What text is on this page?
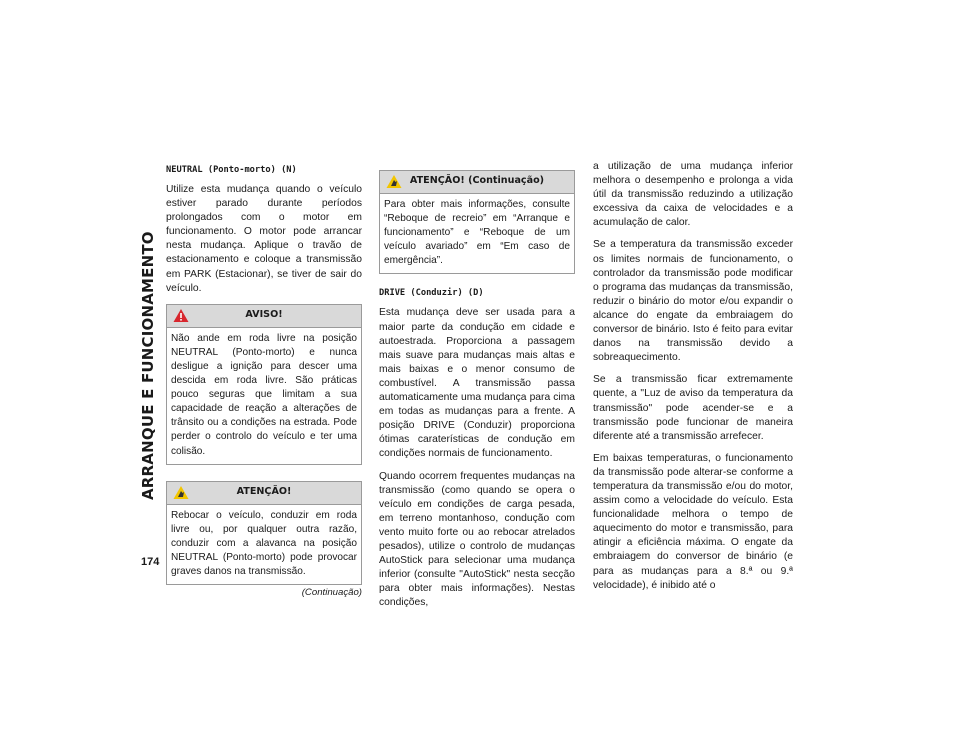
ARRANQUE E FUNCIONAMENTO
174
NEUTRAL (Ponto-morto) (N)

Utilize esta mudança quando o veículo estiver parado durante períodos prolongados com o motor em funcionamento. O motor pode arrancar nesta mudança. Aplique o travão de estacionamento e coloque a transmissão em PARK (Estacionar), se tiver de sair do veículo.

AVISO!
Não ande em roda livre na posição NEUTRAL (Ponto-morto) e nunca desligue a ignição para descer uma descida em roda livre. São práticas pouco seguras que limitam a sua capacidade de reação a alterações de trânsito ou a condições na estrada. Pode perder o controlo do veículo e ter uma colisão.
ATENÇÃO!
Rebocar o veículo, conduzir em roda livre ou, por qualquer outra razão, conduzir com a alavanca na posição NEUTRAL (Ponto-morto) pode provocar graves danos na transmissão.
(Continuação)
ATENÇÃO! (Continuação)
Para obter mais informações, consulte “Reboque de recreio” em “Arranque e funcionamento” e “Reboque de um veículo avariado” em “Em caso de emergência”.
DRIVE (Conduzir) (D)

Esta mudança deve ser usada para a maior parte da condução em cidade e autoestrada. Proporciona a passagem mais suave para mudanças mais altas e mais baixas e o menor consumo de combustível. A transmissão passa automaticamente uma mudança para cima em todas as mudanças para a frente. A posição DRIVE (Conduzir) proporciona ótimas caraterísticas de condução em condições normais de funcionamento.

Quando ocorrem frequentes mudanças na transmissão (como quando se opera o veículo em condições de carga pesada, em terreno montanhoso, condução com vento muito forte ou ao rebocar atrelados pesados), utilize o controlo de mudanças AutoStick para selecionar uma mudança inferior (consulte "AutoStick" nesta secção para obter mais informações). Nestas condições,

a utilização de uma mudança inferior melhora o desempenho e prolonga a vida útil da transmissão reduzindo a utilização excessiva da caixa de velocidades e a acumulação de calor.

Se a temperatura da transmissão exceder os limites normais de funcionamento, o controlador da transmissão pode modificar o programa das mudanças da transmissão, reduzir o binário do motor e/ou expandir o alcance do engate da embraiagem do conversor de binário. Isto é feito para evitar danos na transmissão devido a sobreaquecimento.

Se a transmissão ficar extremamente quente, a "Luz de aviso da temperatura da transmissão" pode acender-se e a transmissão pode funcionar de maneira diferente até a transmissão arrefecer.

Em baixas temperaturas, o funcionamento da transmissão pode alterar-se conforme a temperatura da transmissão e/ou do motor, assim como a velocidade do veículo. Esta funcionalidade melhora o tempo de aquecimento do motor e transmissão, para atingir a eficiência máxima. O engate da embraiagem do conversor de binário (e para as mudanças para a 8.ª ou 9.ª velocidade), é inibido até o
